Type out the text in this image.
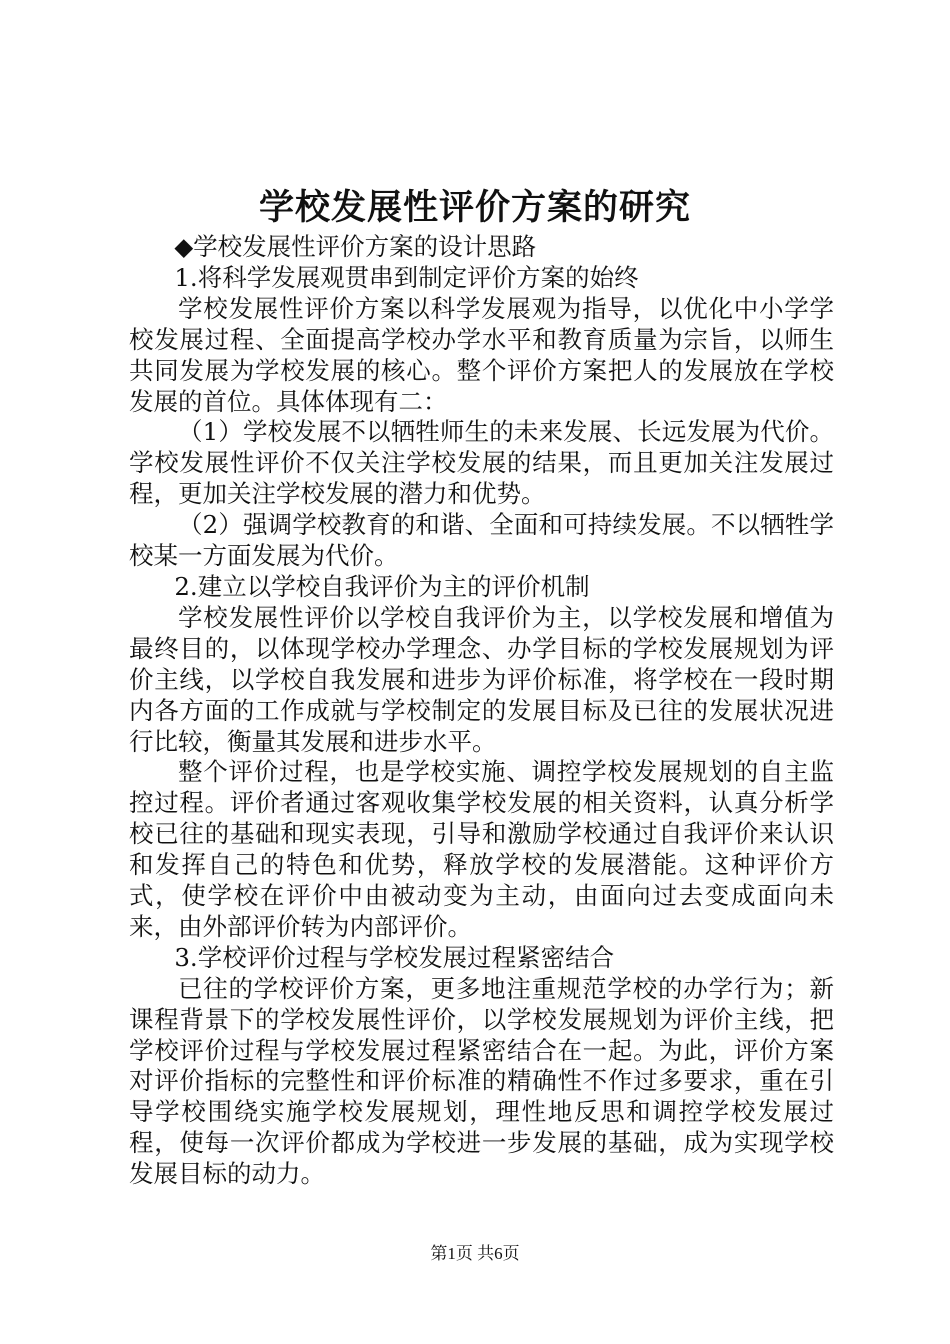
学校发展性评价方案的研究

◆学校发展性评价方案的设计思路

1.将科学发展观贯串到制定评价方案的始终

学校发展性评价方案以科学发展观为指导，以优化中小学学校发展过程、全面提高学校办学水平和教育质量为宗旨，以师生共同发展为学校发展的核心。整个评价方案把人的发展放在学校发展的首位。具体体现有二：

（1）学校发展不以牺牲师生的未来发展、长远发展为代价。学校发展性评价不仅关注学校发展的结果，而且更加关注发展过程，更加关注学校发展的潜力和优势。

（2）强调学校教育的和谐、全面和可持续发展。不以牺牲学校某一方面发展为代价。

2.建立以学校自我评价为主的评价机制

学校发展性评价以学校自我评价为主，以学校发展和增值为最终目的，以体现学校办学理念、办学目标的学校发展规划为评价主线，以学校自我发展和进步为评价标准，将学校在一段时期内各方面的工作成就与学校制定的发展目标及已往的发展状况进行比较，衡量其发展和进步水平。

整个评价过程，也是学校实施、调控学校发展规划的自主监控过程。评价者通过客观收集学校发展的相关资料，认真分析学校已往的基础和现实表现，引导和激励学校通过自我评价来认识和发挥自己的特色和优势，释放学校的发展潜能。这种评价方式，使学校在评价中由被动变为主动，由面向过去变成面向未来，由外部评价转为内部评价。

3.学校评价过程与学校发展过程紧密结合

已往的学校评价方案，更多地注重规范学校的办学行为；新课程背景下的学校发展性评价，以学校发展规划为评价主线，把学校评价过程与学校发展过程紧密结合在一起。为此，评价方案对评价指标的完整性和评价标准的精确性不作过多要求，重在引导学校围绕实施学校发展规划，理性地反思和调控学校发展过程，使每一次评价都成为学校进一步发展的基础，成为实现学校发展目标的动力。

第1页 共6页
